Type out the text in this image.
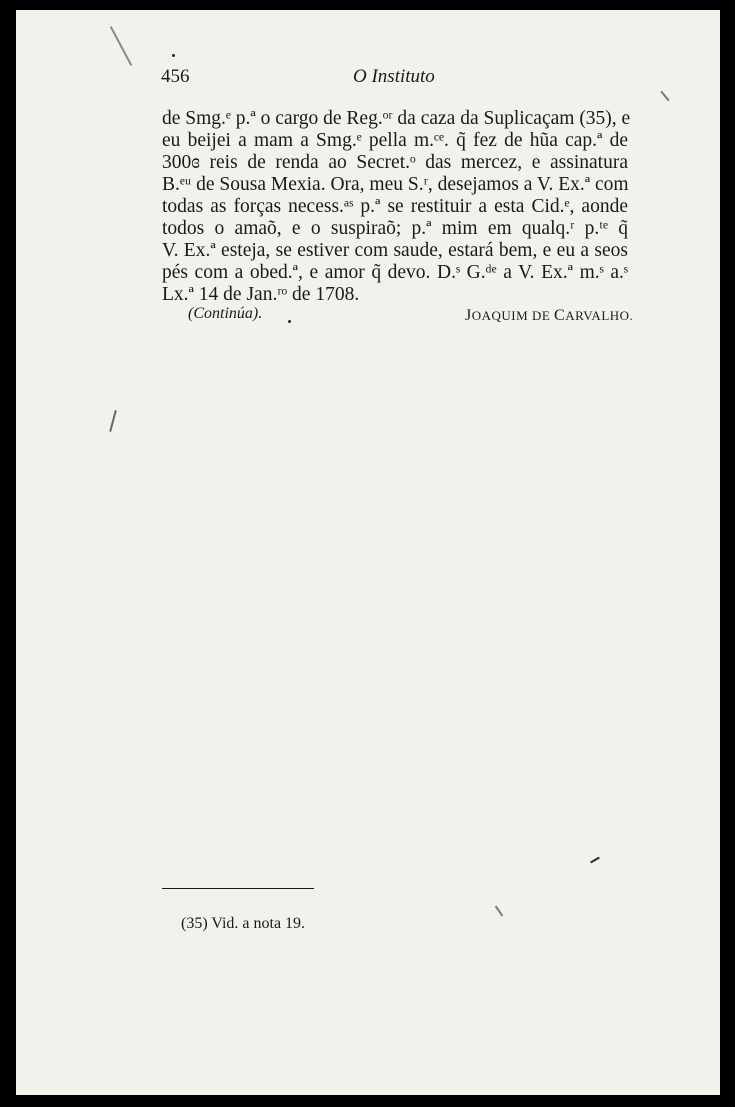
456	O Instituto
de Smg.ᵉ p.ª o cargo de Reg.ᵒʳ da caza da Suplicaçam (35), e
eu beijei a mam a Smg.ᵉ pella m.ᶜᵉ. q̃ fez de hũa cap.ª de
300ɞ reis de renda ao Secret.ᵒ das mercez, e assinatura
B.ᵉᵘ de Sousa Mexia. Ora, meu S.ʳ, desejamos a V. Ex.ª com
todas as forças necess.ᵃˢ p.ª se restituir a esta Cid.ᵉ, aonde
todos o amaõ, e o suspiraõ; p.ª mim em qualq.ʳ p.ᵗᵉ q̃
V. Ex.ª esteja, se estiver com saude, estará bem, e eu a seos
pés com a obed.ª, e amor q̃ devo. D.ˢ G.ᵈᵉ a V. Ex.ª m.ˢ a.ˢ
Lx.ª 14 de Jan.ʳᵒ de 1708.
(Continúa).	JOAQUIM DE CARVALHO.
(35) Vid. a nota 19.
